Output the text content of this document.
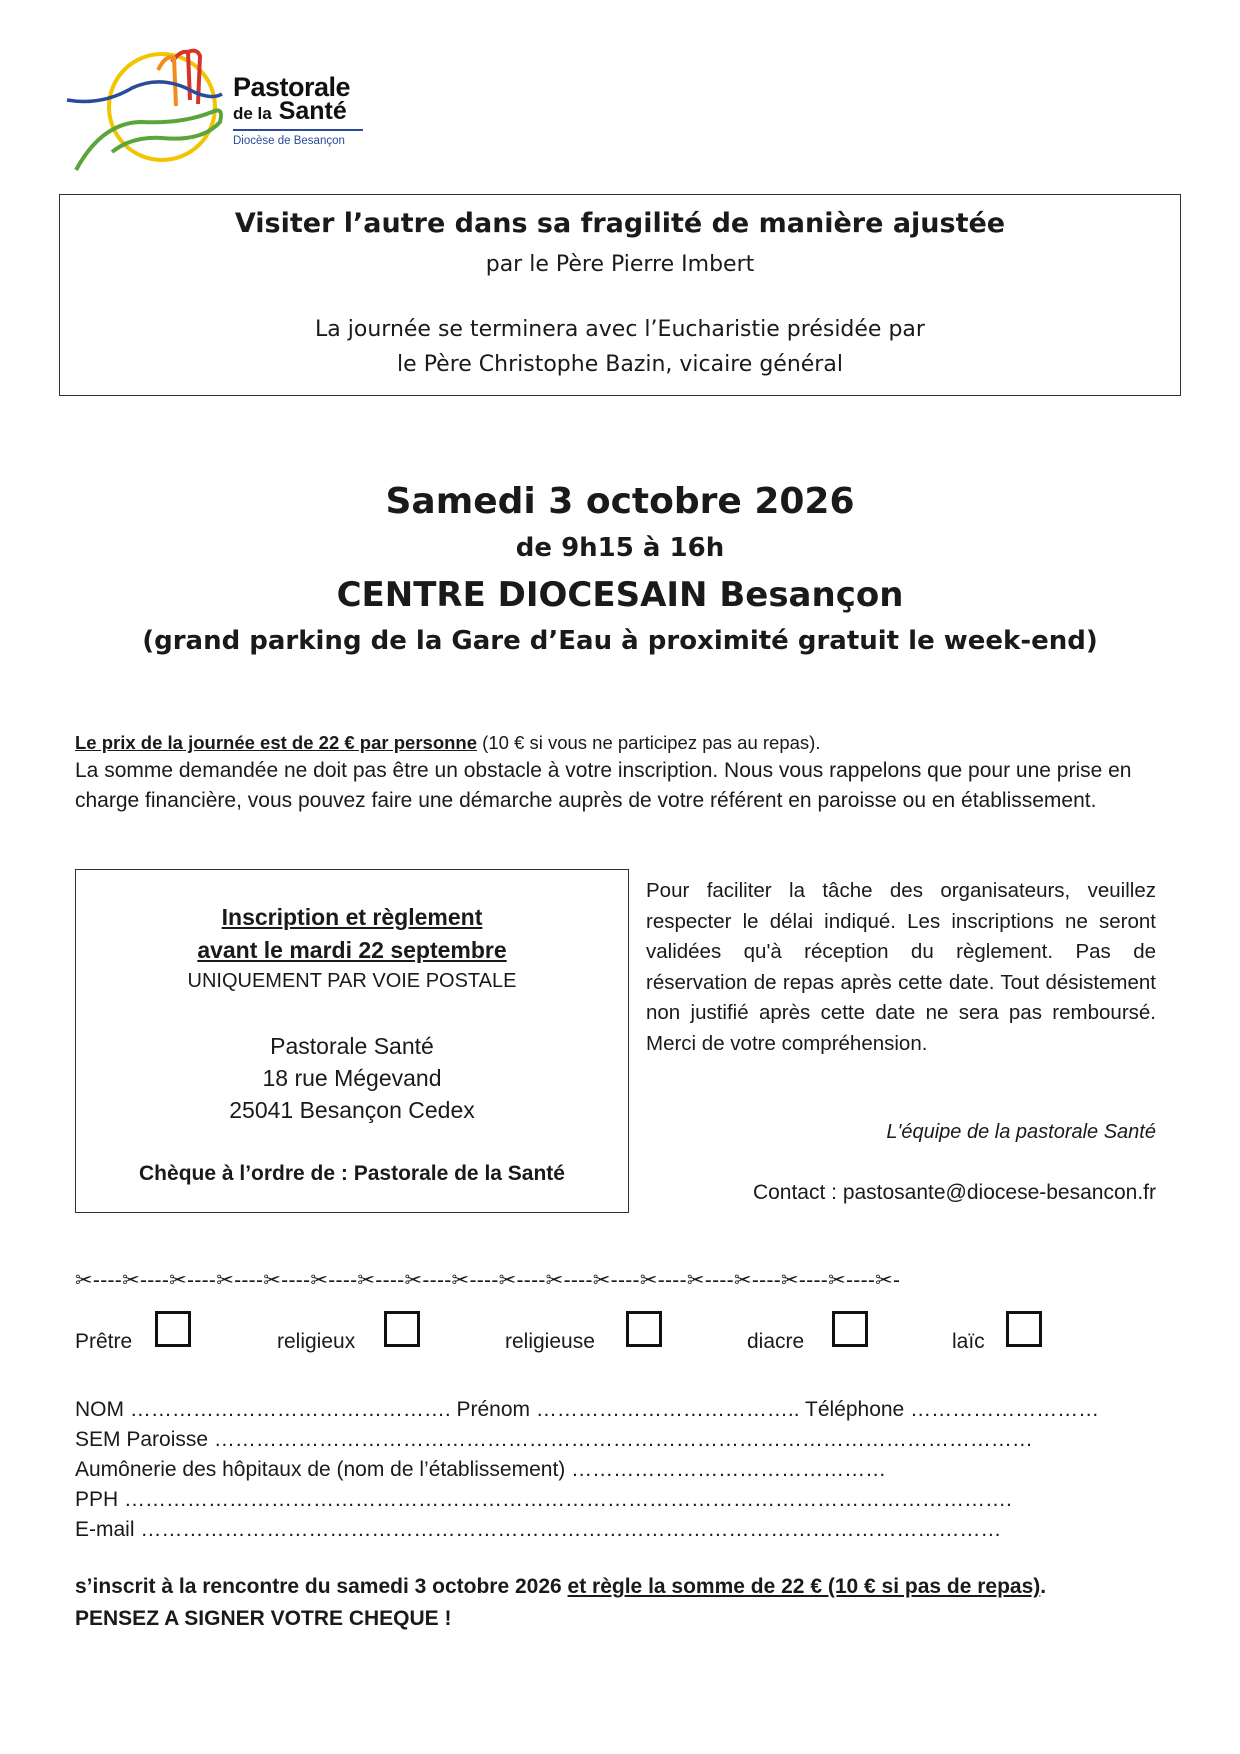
Pastorale
de la Santé
Diocèse de Besançon
Visiter l’autre dans sa fragilité de manière ajustée
par le Père Pierre Imbert
La journée se terminera avec l’Eucharistie présidée par
le Père Christophe Bazin, vicaire général
Samedi 3 octobre 2026
de 9h15 à 16h
CENTRE DIOCESAIN Besançon
(grand parking de la Gare d’Eau à proximité gratuit le week-end)
Le prix de la journée est de 22 € par personne (10 € si vous ne participez pas au repas).
La somme demandée ne doit pas être un obstacle à votre inscription. Nous vous rappelons que pour une prise en charge financière, vous pouvez faire une démarche auprès de votre référent en paroisse ou en établissement.
Inscription et règlement
avant le mardi 22 septembre
UNIQUEMENT PAR VOIE POSTALE
Pastorale Santé
18 rue Mégevand
25041 Besançon Cedex
Chèque à l’ordre de : Pastorale de la Santé
Pour faciliter la tâche des organisateurs, veuillez respecter le délai indiqué. Les inscriptions ne seront validées qu'à réception du règlement. Pas de réservation de repas après cette date. Tout désistement non justifié après cette date ne sera pas remboursé. Merci de votre compréhension.
L'équipe de la pastorale Santé
Contact : pastosante@diocese-besancon.fr
✂----✂----✂----✂----✂----✂----✂----✂----✂----✂----✂----✂----✂----✂----✂----✂----✂----✂-
Prêtre	religieux	religieuse	diacre	laïc
NOM ………………………………………. Prénom ……………………………….. Téléphone ………………………
SEM Paroisse ………………………………………………………………………………………………………
Aumônerie des hôpitaux de (nom de l’établissement) ………………………………………
PPH ……………………………………………………………………………………………………………….
E-mail ……………………………………………………………………………………………………………
s’inscrit à la rencontre du samedi 3 octobre 2026 et règle la somme de 22 € (10 € si pas de repas).
PENSEZ A SIGNER VOTRE CHEQUE !
